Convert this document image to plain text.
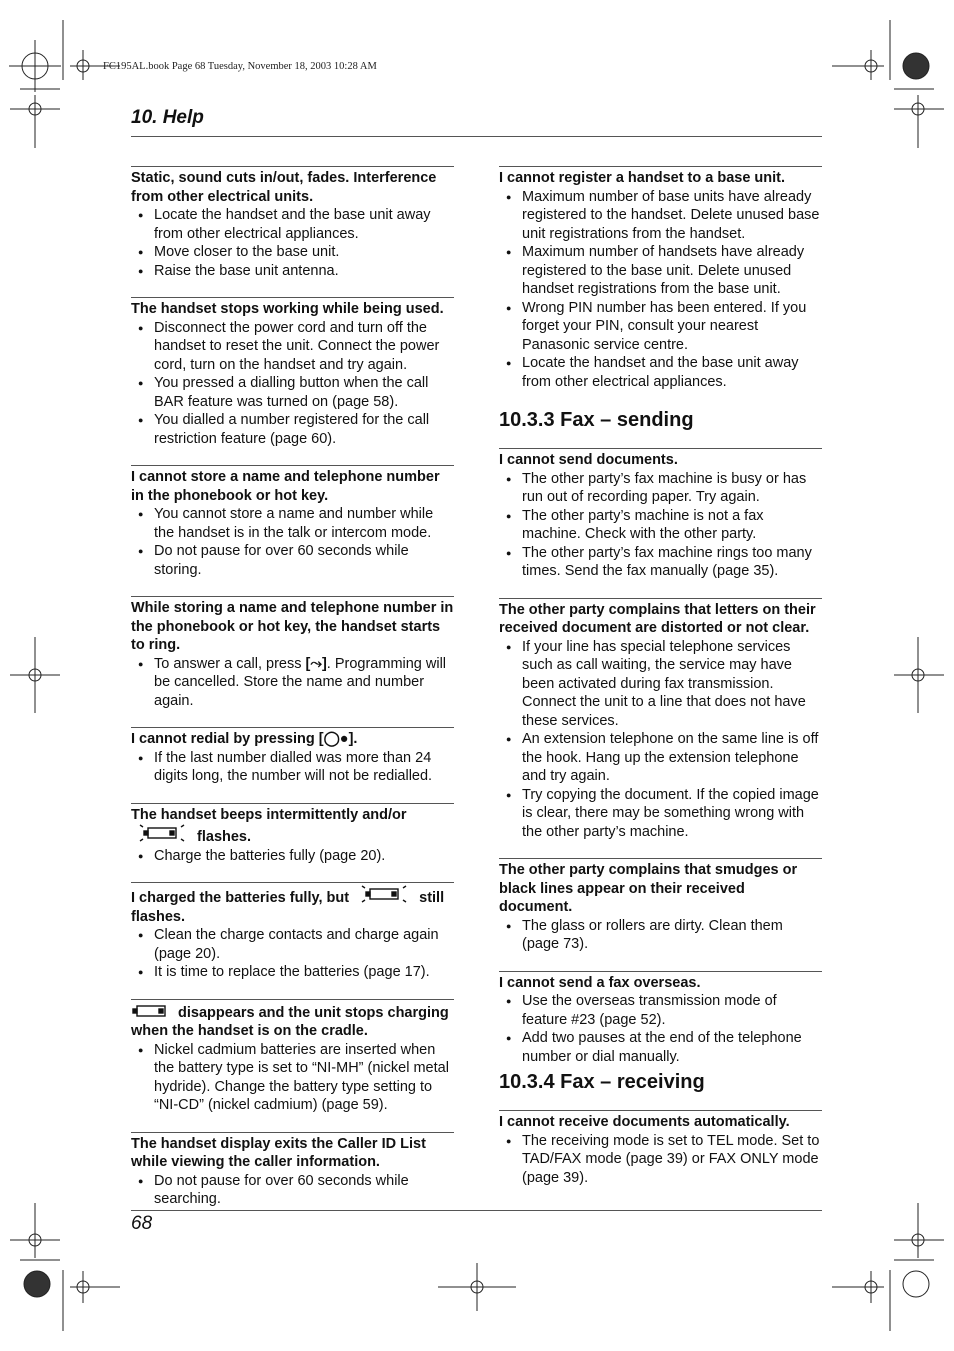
FC195AL.book Page 68 Tuesday, November 18, 2003 10:28 AM
10. Help
Static, sound cuts in/out, fades. Interference from other electrical units.
● Locate the handset and the base unit away from other electrical appliances.
● Move closer to the base unit.
● Raise the base unit antenna.
The handset stops working while being used.
● Disconnect the power cord and turn off the handset to reset the unit. Connect the power cord, turn on the handset and try again.
● You pressed a dialling button when the call BAR feature was turned on (page 58).
● You dialled a number registered for the call restriction feature (page 60).
I cannot store a name and telephone number in the phonebook or hot key.
● You cannot store a name and number while the handset is in the talk or intercom mode.
● Do not pause for over 60 seconds while storing.
While storing a name and telephone number in the phonebook or hot key, the handset starts to ring.
● To answer a call, press [⤳]. Programming will be cancelled. Store the name and number again.
I cannot redial by pressing [◯●].
● If the last number dialled was more than 24 digits long, the number will not be redialled.
The handset beeps intermittently and/or
flashes.
● Charge the batteries fully (page 20).
I charged the batteries fully, but	still flashes.
● Clean the charge contacts and charge again (page 20).
● It is time to replace the batteries (page 17).
disappears and the unit stops charging when the handset is on the cradle.
● Nickel cadmium batteries are inserted when the battery type is set to “NI-MH” (nickel metal hydride). Change the battery type setting to “NI-CD” (nickel cadmium) (page 59).
The handset display exits the Caller ID List while viewing the caller information.
● Do not pause for over 60 seconds while searching.
I cannot register a handset to a base unit.
● Maximum number of base units have already registered to the handset. Delete unused base unit registrations from the handset.
● Maximum number of handsets have already registered to the base unit. Delete unused handset registrations from the base unit.
● Wrong PIN number has been entered. If you forget your PIN, consult your nearest Panasonic service centre.
● Locate the handset and the base unit away from other electrical appliances.
10.3.3 Fax – sending
I cannot send documents.
● The other party’s fax machine is busy or has run out of recording paper. Try again.
● The other party’s machine is not a fax machine. Check with the other party.
● The other party’s fax machine rings too many times. Send the fax manually (page 35).
The other party complains that letters on their received document are distorted or not clear.
● If your line has special telephone services such as call waiting, the service may have been activated during fax transmission. Connect the unit to a line that does not have these services.
● An extension telephone on the same line is off the hook. Hang up the extension telephone and try again.
● Try copying the document. If the copied image is clear, there may be something wrong with the other party’s machine.
The other party complains that smudges or black lines appear on their received document.
● The glass or rollers are dirty. Clean them (page 73).
I cannot send a fax overseas.
● Use the overseas transmission mode of feature #23 (page 52).
● Add two pauses at the end of the telephone number or dial manually.
10.3.4 Fax – receiving
I cannot receive documents automatically.
● The receiving mode is set to TEL mode. Set to TAD/FAX mode (page 39) or FAX ONLY mode (page 39).
68
